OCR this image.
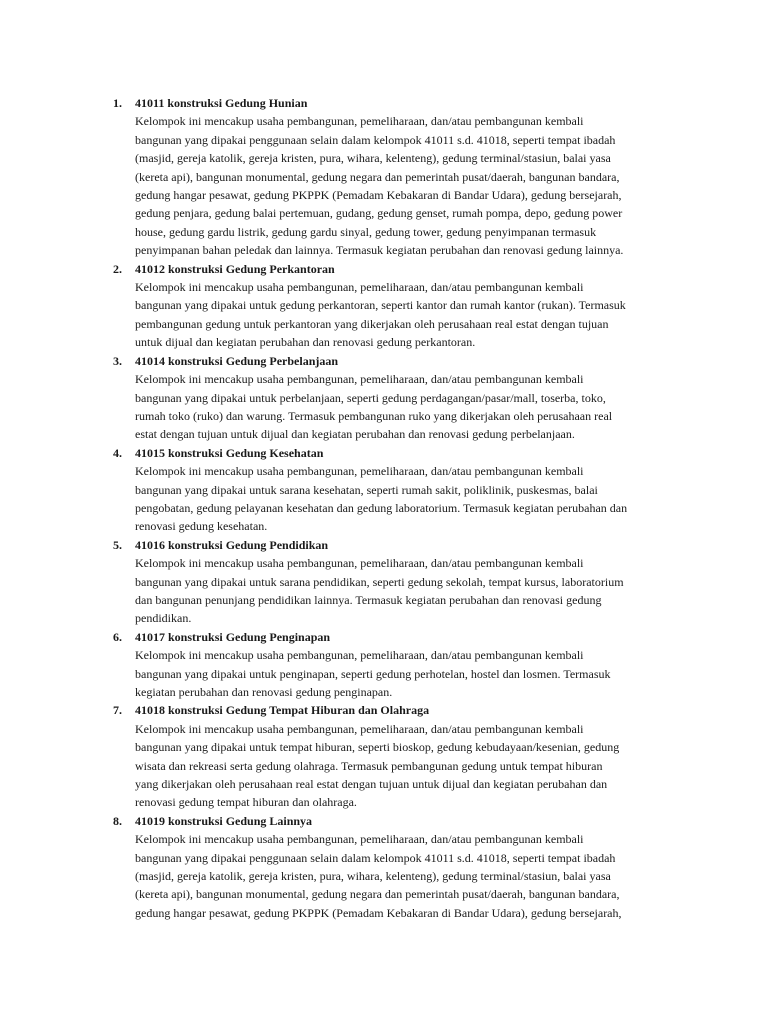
1. 41011 konstruksi Gedung Hunian
Kelompok ini mencakup usaha pembangunan, pemeliharaan, dan/atau pembangunan kembali
bangunan yang dipakai penggunaan selain dalam kelompok 41011 s.d. 41018, seperti tempat ibadah
(masjid, gereja katolik, gereja kristen, pura, wihara, kelenteng), gedung terminal/stasiun, balai yasa
(kereta api), bangunan monumental, gedung negara dan pemerintah pusat/daerah, bangunan bandara,
gedung hangar pesawat, gedung PKPPK (Pemadam Kebakaran di Bandar Udara), gedung bersejarah,
gedung penjara, gedung balai pertemuan, gudang, gedung genset, rumah pompa, depo, gedung power
house, gedung gardu listrik, gedung gardu sinyal, gedung tower, gedung penyimpanan termasuk
penyimpanan bahan peledak dan lainnya. Termasuk kegiatan perubahan dan renovasi gedung lainnya.
2. 41012 konstruksi Gedung Perkantoran
Kelompok ini mencakup usaha pembangunan, pemeliharaan, dan/atau pembangunan kembali
bangunan yang dipakai untuk gedung perkantoran, seperti kantor dan rumah kantor (rukan). Termasuk
pembangunan gedung untuk perkantoran yang dikerjakan oleh perusahaan real estat dengan tujuan
untuk dijual dan kegiatan perubahan dan renovasi gedung perkantoran.
3. 41014 konstruksi Gedung Perbelanjaan
Kelompok ini mencakup usaha pembangunan, pemeliharaan, dan/atau pembangunan kembali
bangunan yang dipakai untuk perbelanjaan, seperti gedung perdagangan/pasar/mall, toserba, toko,
rumah toko (ruko) dan warung. Termasuk pembangunan ruko yang dikerjakan oleh perusahaan real
estat dengan tujuan untuk dijual dan kegiatan perubahan dan renovasi gedung perbelanjaan.
4. 41015 konstruksi Gedung Kesehatan
Kelompok ini mencakup usaha pembangunan, pemeliharaan, dan/atau pembangunan kembali
bangunan yang dipakai untuk sarana kesehatan, seperti rumah sakit, poliklinik, puskesmas, balai
pengobatan, gedung pelayanan kesehatan dan gedung laboratorium. Termasuk kegiatan perubahan dan
renovasi gedung kesehatan.
5. 41016 konstruksi Gedung Pendidikan
Kelompok ini mencakup usaha pembangunan, pemeliharaan, dan/atau pembangunan kembali
bangunan yang dipakai untuk sarana pendidikan, seperti gedung sekolah, tempat kursus, laboratorium
dan bangunan penunjang pendidikan lainnya. Termasuk kegiatan perubahan dan renovasi gedung
pendidikan.
6. 41017 konstruksi Gedung Penginapan
Kelompok ini mencakup usaha pembangunan, pemeliharaan, dan/atau pembangunan kembali
bangunan yang dipakai untuk penginapan, seperti gedung perhotelan, hostel dan losmen. Termasuk
kegiatan perubahan dan renovasi gedung penginapan.
7. 41018 konstruksi Gedung Tempat Hiburan dan Olahraga
Kelompok ini mencakup usaha pembangunan, pemeliharaan, dan/atau pembangunan kembali
bangunan yang dipakai untuk tempat hiburan, seperti bioskop, gedung kebudayaan/kesenian, gedung
wisata dan rekreasi serta gedung olahraga. Termasuk pembangunan gedung untuk tempat hiburan
yang dikerjakan oleh perusahaan real estat dengan tujuan untuk dijual dan kegiatan perubahan dan
renovasi gedung tempat hiburan dan olahraga.
8. 41019 konstruksi Gedung Lainnya
Kelompok ini mencakup usaha pembangunan, pemeliharaan, dan/atau pembangunan kembali
bangunan yang dipakai penggunaan selain dalam kelompok 41011 s.d. 41018, seperti tempat ibadah
(masjid, gereja katolik, gereja kristen, pura, wihara, kelenteng), gedung terminal/stasiun, balai yasa
(kereta api), bangunan monumental, gedung negara dan pemerintah pusat/daerah, bangunan bandara,
gedung hangar pesawat, gedung PKPPK (Pemadam Kebakaran di Bandar Udara), gedung bersejarah,
